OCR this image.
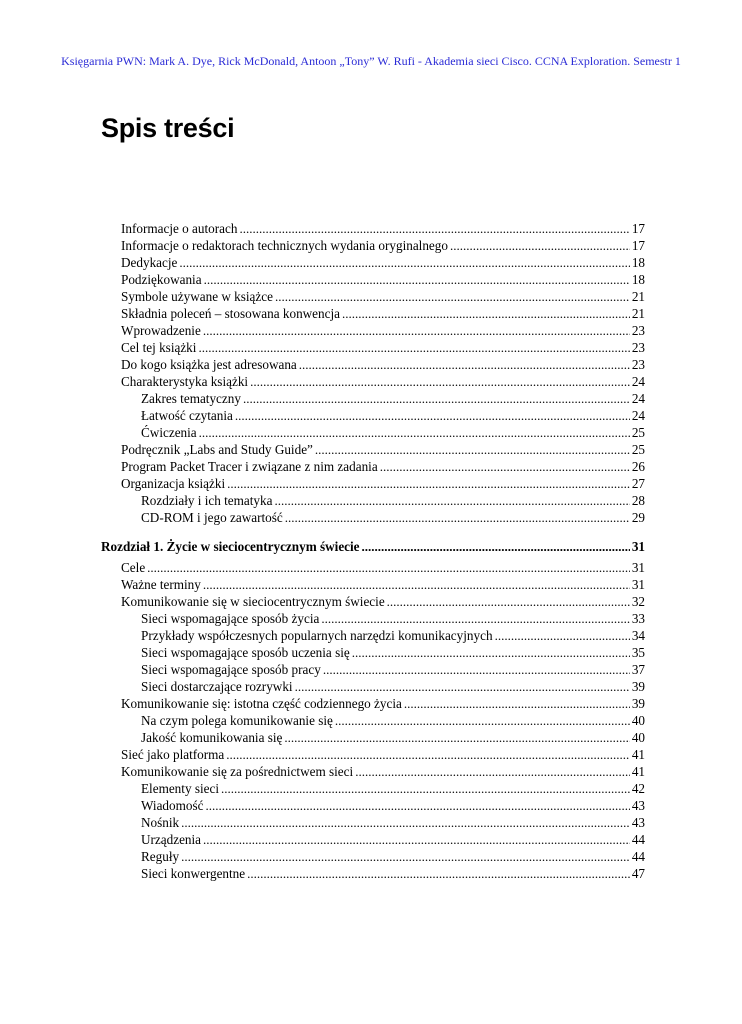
Księgarnia PWN: Mark A. Dye, Rick McDonald, Antoon „Tony” W. Rufi - Akademia sieci Cisco. CCNA Exploration. Semestr 1
Spis treści
Informacje o autorach .....	17
Informacje o redaktorach technicznych wydania oryginalnego .....	17
Dedykacje .....	18
Podziękowania .....	18
Symbole używane w książce .....	21
Składnia poleceń – stosowana konwencja .....	21
Wprowadzenie .....	23
Cel tej książki .....	23
Do kogo książka jest adresowana .....	23
Charakterystyka książki .....	24
Zakres tematyczny .....	24
Łatwość czytania .....	24
Ćwiczenia .....	25
Podręcznik „Labs and Study Guide” .....	25
Program Packet Tracer i związane z nim zadania .....	26
Organizacja książki .....	27
Rozdziały i ich tematyka .....	28
CD-ROM i jego zawartość .....	29
Rozdział 1. Życie w sieciocentrycznym świecie .....	31
Cele .....	31
Ważne terminy .....	31
Komunikowanie się w sieciocentrycznym świecie .....	32
Sieci wspomagające sposób życia .....	33
Przykłady współczesnych popularnych narzędzi komunikacyjnych .....	34
Sieci wspomagające sposób uczenia się .....	35
Sieci wspomagające sposób pracy .....	37
Sieci dostarczające rozrywki .....	39
Komunikowanie się: istotna część codziennego życia .....	39
Na czym polega komunikowanie się .....	40
Jakość komunikowania się .....	40
Sieć jako platforma .....	41
Komunikowanie się za pośrednictwem sieci .....	41
Elementy sieci .....	42
Wiadomość .....	43
Nośnik .....	43
Urządzenia .....	44
Reguły .....	44
Sieci konwergentne .....	47
